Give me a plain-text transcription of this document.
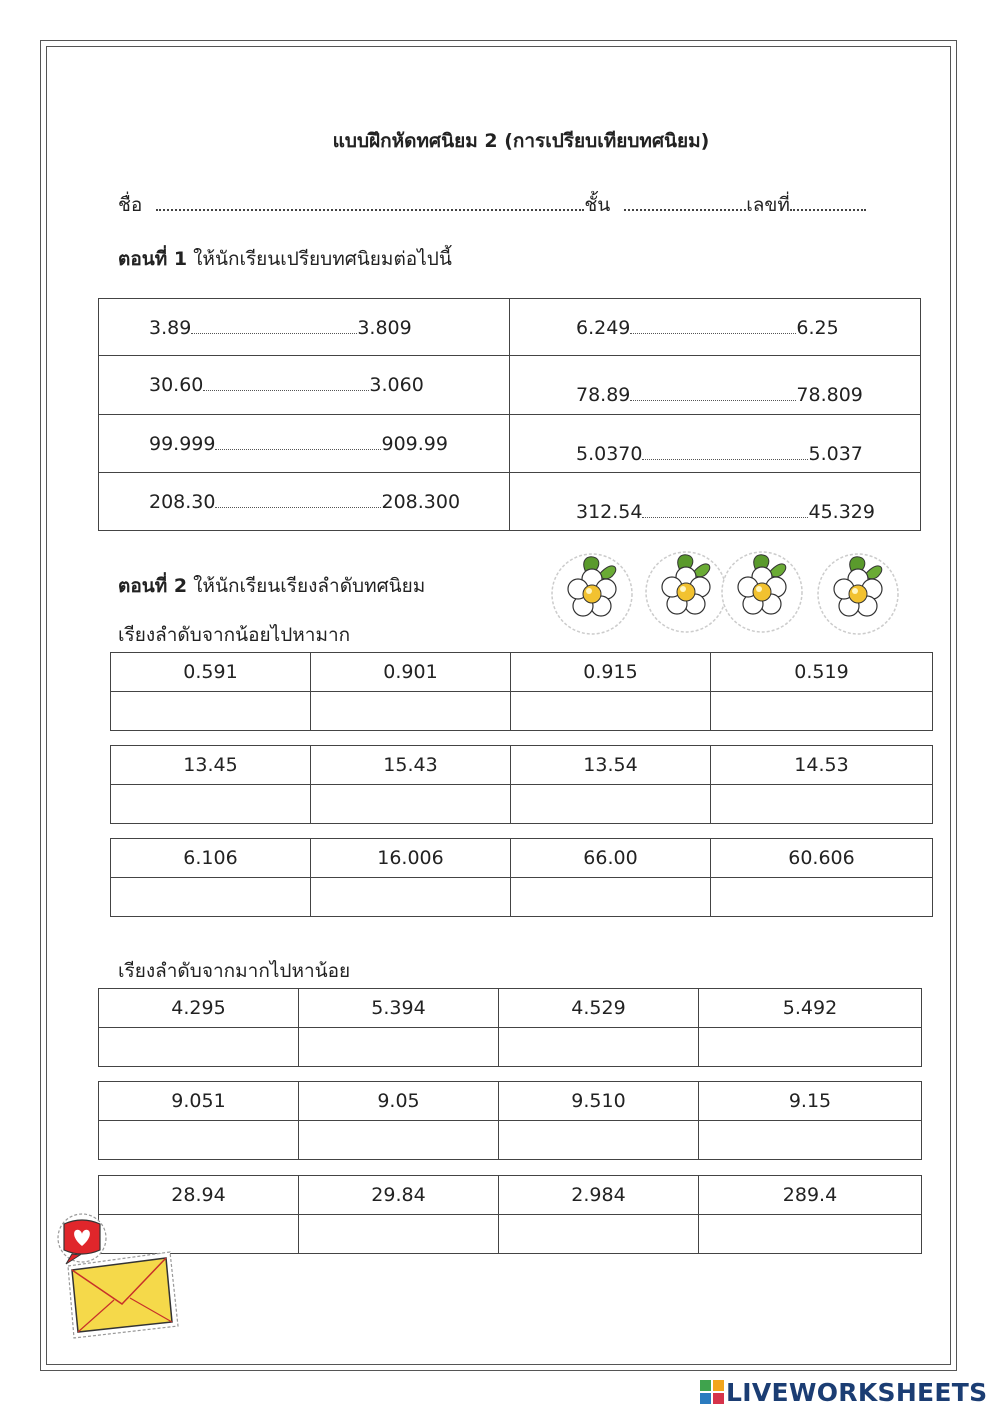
แบบฝึกหัดทศนิยม 2 (การเปรียบเทียบทศนิยม)
ชื่อ	ชั้น	เลขที่
ตอนที่ 1 ให้นักเรียนเปรียบทศนิยมต่อไปนี้
3.89 3.809	6.249 6.25

30.60 3.060	78.89 78.809

99.999 909.99	5.0370 5.037

208.30 208.300	312.54 45.329
ตอนที่ 2 ให้นักเรียนเรียงลำดับทศนิยม
เรียงลำดับจากน้อยไปหามาก
0.591	0.901	0.915	0.519

13.45	15.43	13.54	14.53

6.106	16.006	66.00	60.606

เรียงลำดับจากมากไปหาน้อย
4.295	5.394	4.529	5.492

9.051	9.05	9.510	9.15

28.94	29.84	2.984	289.4

LIVEWORKSHEETS
